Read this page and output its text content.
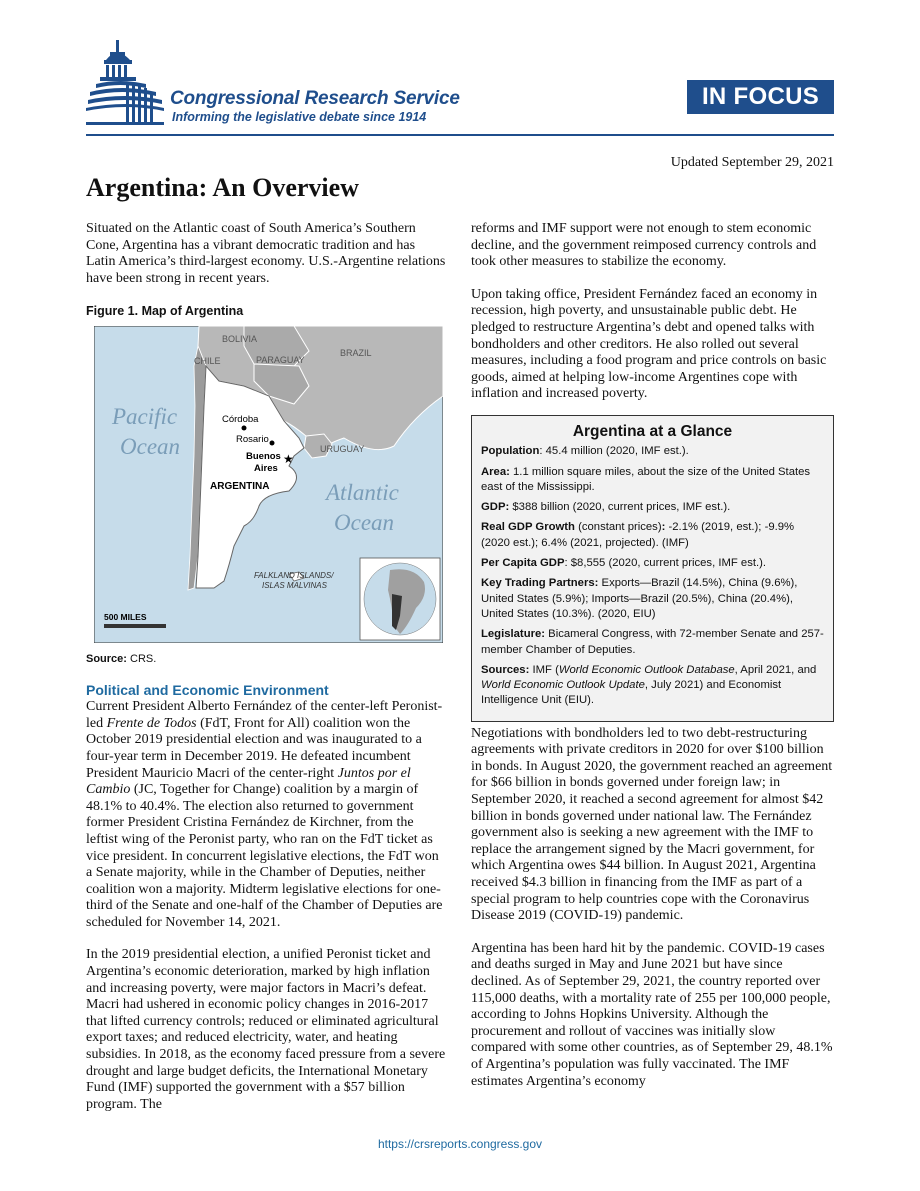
Congressional Research Service
Informing the legislative debate since 1914
IN FOCUS
Updated September 29, 2021
Argentina: An Overview

Situated on the Atlantic coast of South America’s Southern Cone, Argentina has a vibrant democratic tradition and has Latin America’s third-largest economy. U.S.-Argentine relations have been strong in recent years.

Figure 1. Map of Argentina
★
BOLIVIA
BRAZIL
CHILE	PARAGUAY
URUGUAY
Pacific
Ocean
Atlantic
Ocean
Córdoba
Rosario
Buenos
Aires
ARGENTINA
FALKLAND ISLANDS/
ISLAS MALVINAS
500 MILES
Source: CRS.
Political and Economic Environment

Current President Alberto Fernández of the center-left Peronist-led Frente de Todos (FdT, Front for All) coalition won the October 2019 presidential election and was inaugurated to a four-year term in December 2019. He defeated incumbent President Mauricio Macri of the center-right Juntos por el Cambio (JC, Together for Change) coalition by a margin of 48.1% to 40.4%. The election also returned to government former President Cristina Fernández de Kirchner, from the leftist wing of the Peronist party, who ran on the FdT ticket as vice president. In concurrent legislative elections, the FdT won a Senate majority, while in the Chamber of Deputies, neither coalition won a majority. Midterm legislative elections for one-third of the Senate and one-half of the Chamber of Deputies are scheduled for November 14, 2021.

In the 2019 presidential election, a unified Peronist ticket and Argentina’s economic deterioration, marked by high inflation and increasing poverty, were major factors in Macri’s defeat. Macri had ushered in economic policy changes in 2016-2017 that lifted currency controls; reduced or eliminated agricultural export taxes; and reduced electricity, water, and heating subsidies. In 2018, as the economy faced pressure from a severe drought and large budget deficits, the International Monetary Fund (IMF) supported the government with a $57 billion program. The

reforms and IMF support were not enough to stem economic decline, and the government reimposed currency controls and took other measures to stabilize the economy.

Upon taking office, President Fernández faced an economy in recession, high poverty, and unsustainable public debt. He pledged to restructure Argentina’s debt and opened talks with bondholders and other creditors. He also rolled out several measures, including a food program and price controls on basic goods, aimed at helping low-income Argentines cope with inflation and increased poverty.

Argentina at a Glance
Population: 45.4 million (2020, IMF est.).
Area: 1.1 million square miles, about the size of the United States east of the Mississippi.
GDP: $388 billion (2020, current prices, IMF est.).
Real GDP Growth (constant prices): -2.1% (2019, est.); -9.9% (2020 est.); 6.4% (2021, projected). (IMF)
Per Capita GDP: $8,555 (2020, current prices, IMF est.).
Key Trading Partners: Exports—Brazil (14.5%), China (9.6%), United States (5.9%); Imports—Brazil (20.5%), China (20.4%), United States (10.3%). (2020, EIU)
Legislature: Bicameral Congress, with 72-member Senate and 257-member Chamber of Deputies.
Sources: IMF (World Economic Outlook Database, April 2021, and World Economic Outlook Update, July 2021) and Economist Intelligence Unit (EIU).

Negotiations with bondholders led to two debt-restructuring agreements with private creditors in 2020 for over $100 billion in bonds. In August 2020, the government reached an agreement for $66 billion in bonds governed under foreign law; in September 2020, it reached a second agreement for almost $42 billion in bonds governed under national law. The Fernández government also is seeking a new agreement with the IMF to replace the arrangement signed by the Macri government, for which Argentina owes $44 billion. In August 2021, Argentina received $4.3 billion in financing from the IMF as part of a special program to help countries cope with the Coronavirus Disease 2019 (COVID-19) pandemic.

Argentina has been hard hit by the pandemic. COVID-19 cases and deaths surged in May and June 2021 but have since declined. As of September 29, 2021, the country reported over 115,000 deaths, with a mortality rate of 255 per 100,000 people, according to Johns Hopkins University. Although the procurement and rollout of vaccines was initially slow compared with some other countries, as of September 29, 48.1% of Argentina’s population was fully vaccinated. The IMF estimates Argentina’s economy

https://crsreports.congress.gov
